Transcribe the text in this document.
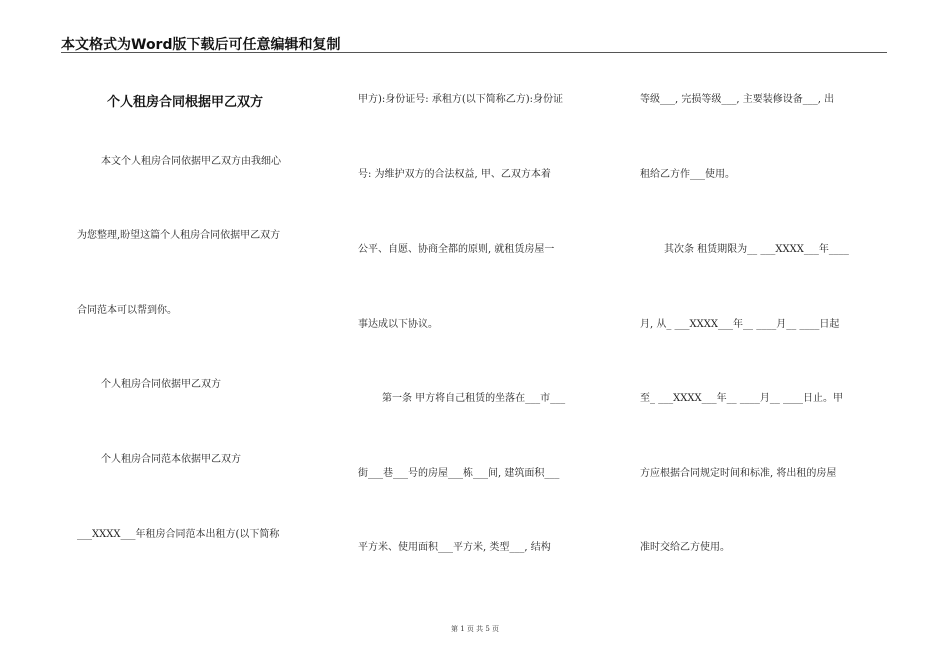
本文格式为Word版下载后可任意编辑和复制
个人租房合同根据甲乙双方
本文个人租房合同依据甲乙双方由我细心
为您整理,盼望这篇个人租房合同依据甲乙双方
合同范本可以帮到你。
个人租房合同依据甲乙双方
个人租房合同范本依据甲乙双方
___XXXX___年租房合同范本出租方(以下简称
甲方):身份证号: 承租方(以下简称乙方):身份证
号: 为维护双方的合法权益, 甲、乙双方本着
公平、自愿、协商全都的原则, 就租赁房屋一
事达成以下协议。
第一条 甲方将自己租赁的坐落在___市___
街___巷___号的房屋___栋___间, 建筑面积___
平方米、使用面积___平方米, 类型___, 结构
等级___, 完损等级___, 主要装修设备___, 出
租给乙方作___使用。
其次条 租赁期限为__ ___XXXX___年____
月, 从_ ___XXXX___年__ ____月__ ____日起
至_ ___XXXX___年__ ____月__ ____日止。甲
方应根据合同规定时间和标准, 将出租的房屋
准时交给乙方使用。
第 1 页 共 5 页
